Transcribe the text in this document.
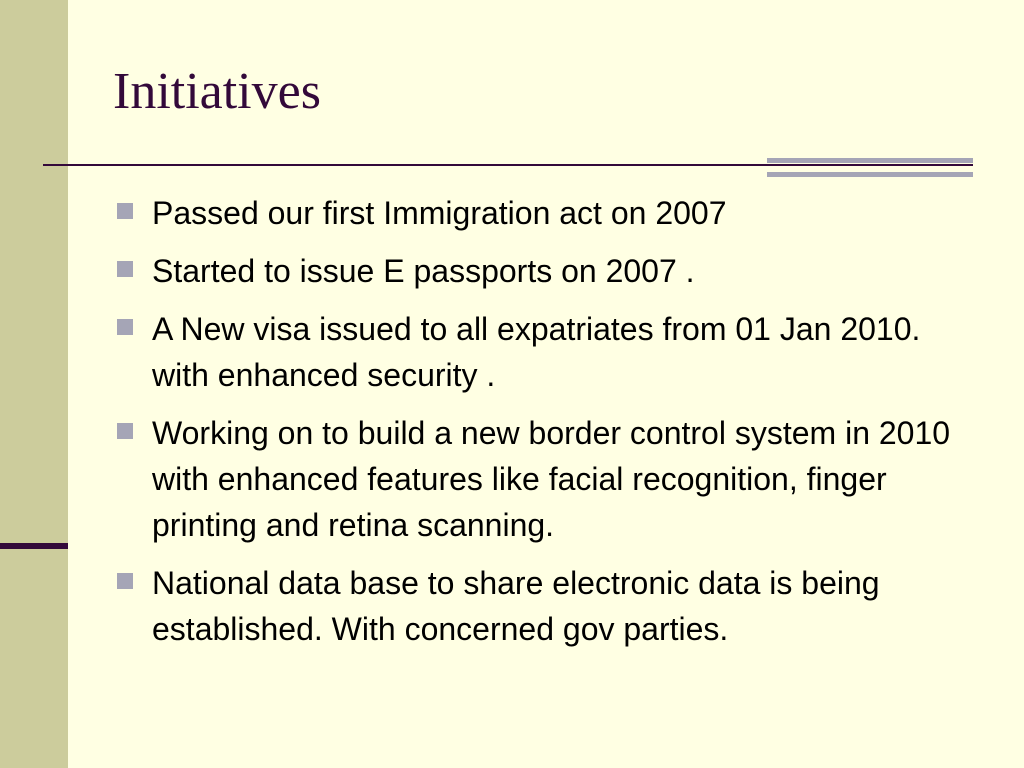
Initiatives
Passed our first Immigration act on 2007
Started to issue E passports on 2007 .
A New visa issued to all expatriates from 01 Jan 2010. with enhanced security .
Working on to build a new border control system in 2010 with enhanced features like facial recognition, finger printing and retina scanning.
National data base to share electronic data is being established. With concerned gov parties.
